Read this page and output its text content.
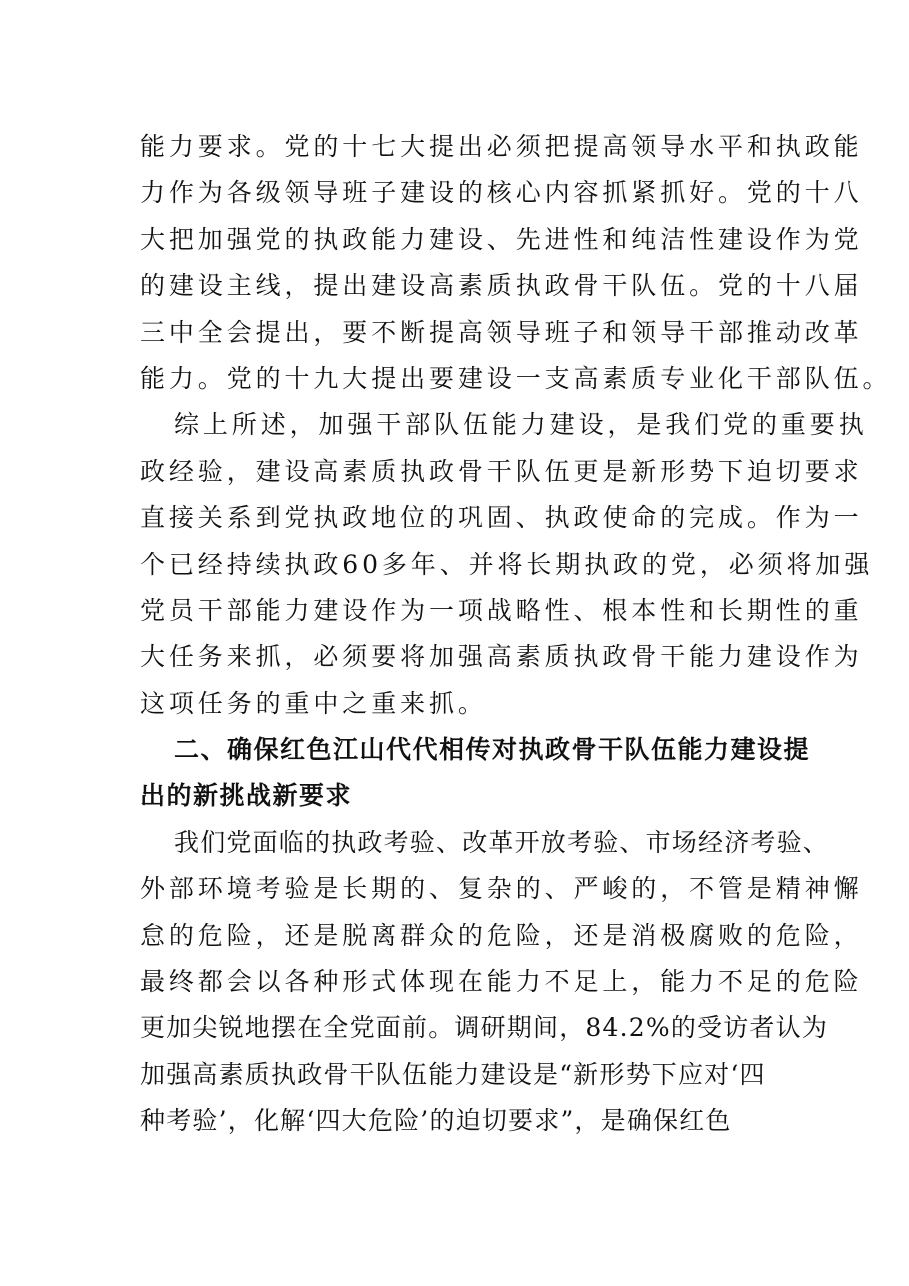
能力要求。党的十七大提出必须把提高领导水平和执政能
力作为各级领导班子建设的核心内容抓紧抓好。党的十八
大把加强党的执政能力建设、先进性和纯洁性建设作为党
的建设主线，提出建设高素质执政骨干队伍。党的十八届
三中全会提出，要不断提高领导班子和领导干部推动改革
能力。党的十九大提出要建设一支高素质专业化干部队伍。
综上所述，加强干部队伍能力建设，是我们党的重要执
政经验，建设高素质执政骨干队伍更是新形势下迫切要求
直接关系到党执政地位的巩固、执政使命的完成。作为一
个已经持续执政60多年、并将长期执政的党，必须将加强
党员干部能力建设作为一项战略性、根本性和长期性的重
大任务来抓，必须要将加强高素质执政骨干能力建设作为
这项任务的重中之重来抓。
二、确保红色江山代代相传对执政骨干队伍能力建设提
出的新挑战新要求
我们党面临的执政考验、改革开放考验、市场经济考验、
外部环境考验是长期的、复杂的、严峻的，不管是精神懈
怠的危险，还是脱离群众的危险，还是消极腐败的危险，
最终都会以各种形式体现在能力不足上，能力不足的危险
更加尖锐地摆在全党面前。调研期间，84.2%的受访者认为
加强高素质执政骨干队伍能力建设是“新形势下应对‘四
种考验’，化解‘四大危险’的迫切要求”，是确保红色
